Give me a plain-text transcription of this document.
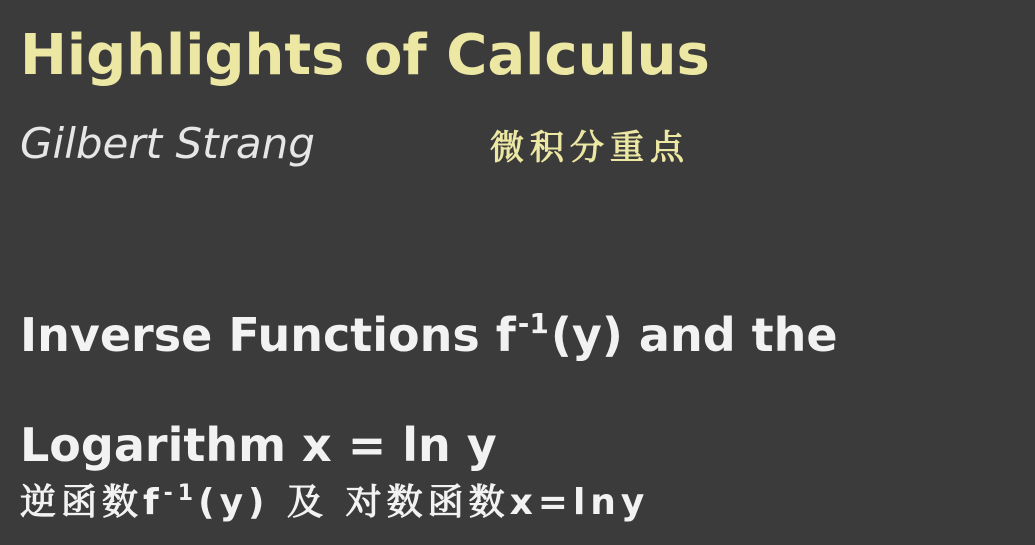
Highlights of Calculus

Gilbert Strang	微积分重点

Inverse Functions $f^{-1}(y)$ and the
Logarithm x = ln y

逆函数$f^{-1}(y)$ 及 对数函数x=lny
